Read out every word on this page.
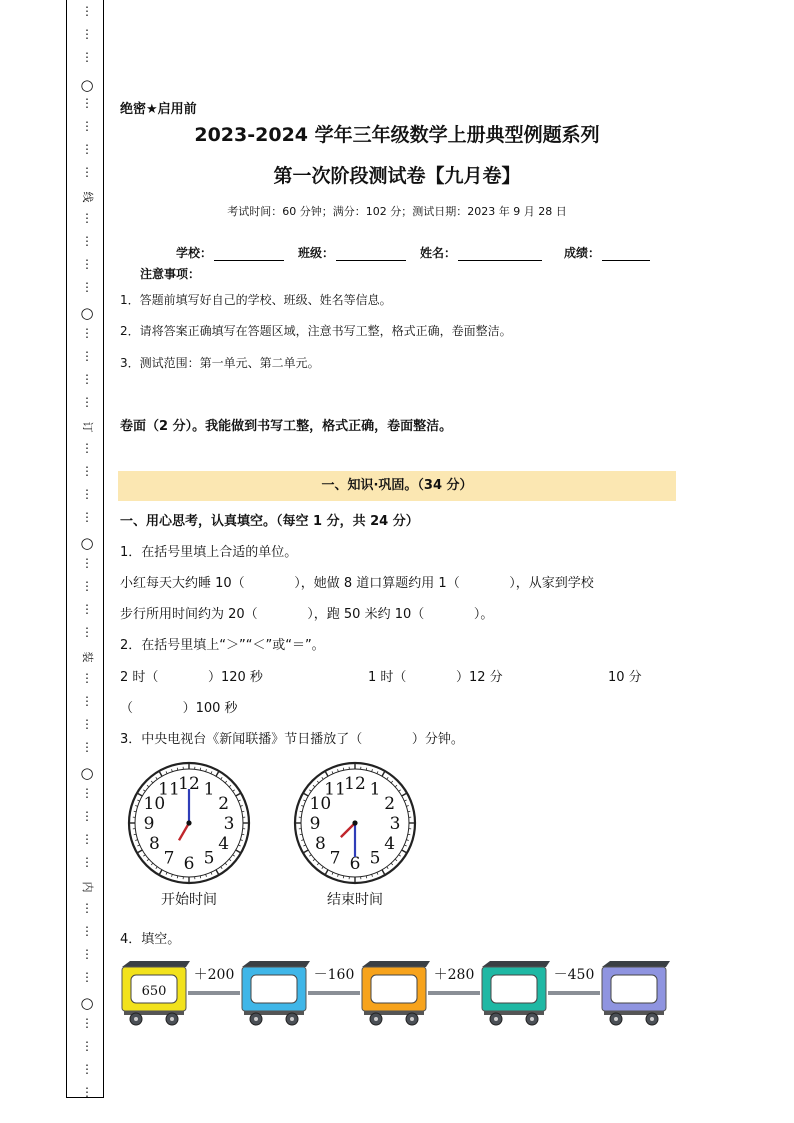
⋮
⋮
⋮
⋮
⋮
⋮
⋮
⋮
⋮
⋮
⋮
⋮
⋮
⋮
⋮
⋮
⋮
⋮
⋮
⋮
⋮
⋮
⋮
⋮
⋮
⋮
⋮
⋮
⋮
⋮
⋮
⋮
⋮
⋮
⋮
⋮
⋮
⋮
⋮
○
○
○
○
○
线
订
装
内
绝密★启用前
2023-2024 学年三年级数学上册典型例题系列
第一次阶段测试卷【九月卷】
考试时间：60 分钟；满分：102 分；测试日期：2023 年 9 月 28 日
学校：	班级：	姓名：	成绩：
注意事项：
1．答题前填写好自己的学校、班级、姓名等信息。
2．请将答案正确填写在答题区域，注意书写工整，格式正确，卷面整洁。
3．测试范围：第一单元、第二单元。
卷面（2 分）。我能做到书写工整，格式正确，卷面整洁。
一、知识·巩固。（34 分）
一、用心思考，认真填空。（每空 1 分，共 24 分）
1．在括号里填上合适的单位。
小红每天大约睡 10（            ），她做 8 道口算题约用 1（            ），从家到学校
步行所用时间约为 20（            ），跑 50 米约 10（            ）。
2．在括号里填上“＞”“＜”或“＝”。
2 时（            ）120 秒	1 时（            ）12 分	10 分
（            ）100 秒
3．中央电视台《新闻联播》节日播放了（            ）分钟。
12 1
2
3
4
5
6
7
8
9
10
11
开始时间
12 1
2
3
4
5
6
7
8
9
10
11
结束时间
4．填空。
＋200	－160	＋280	－450
650
